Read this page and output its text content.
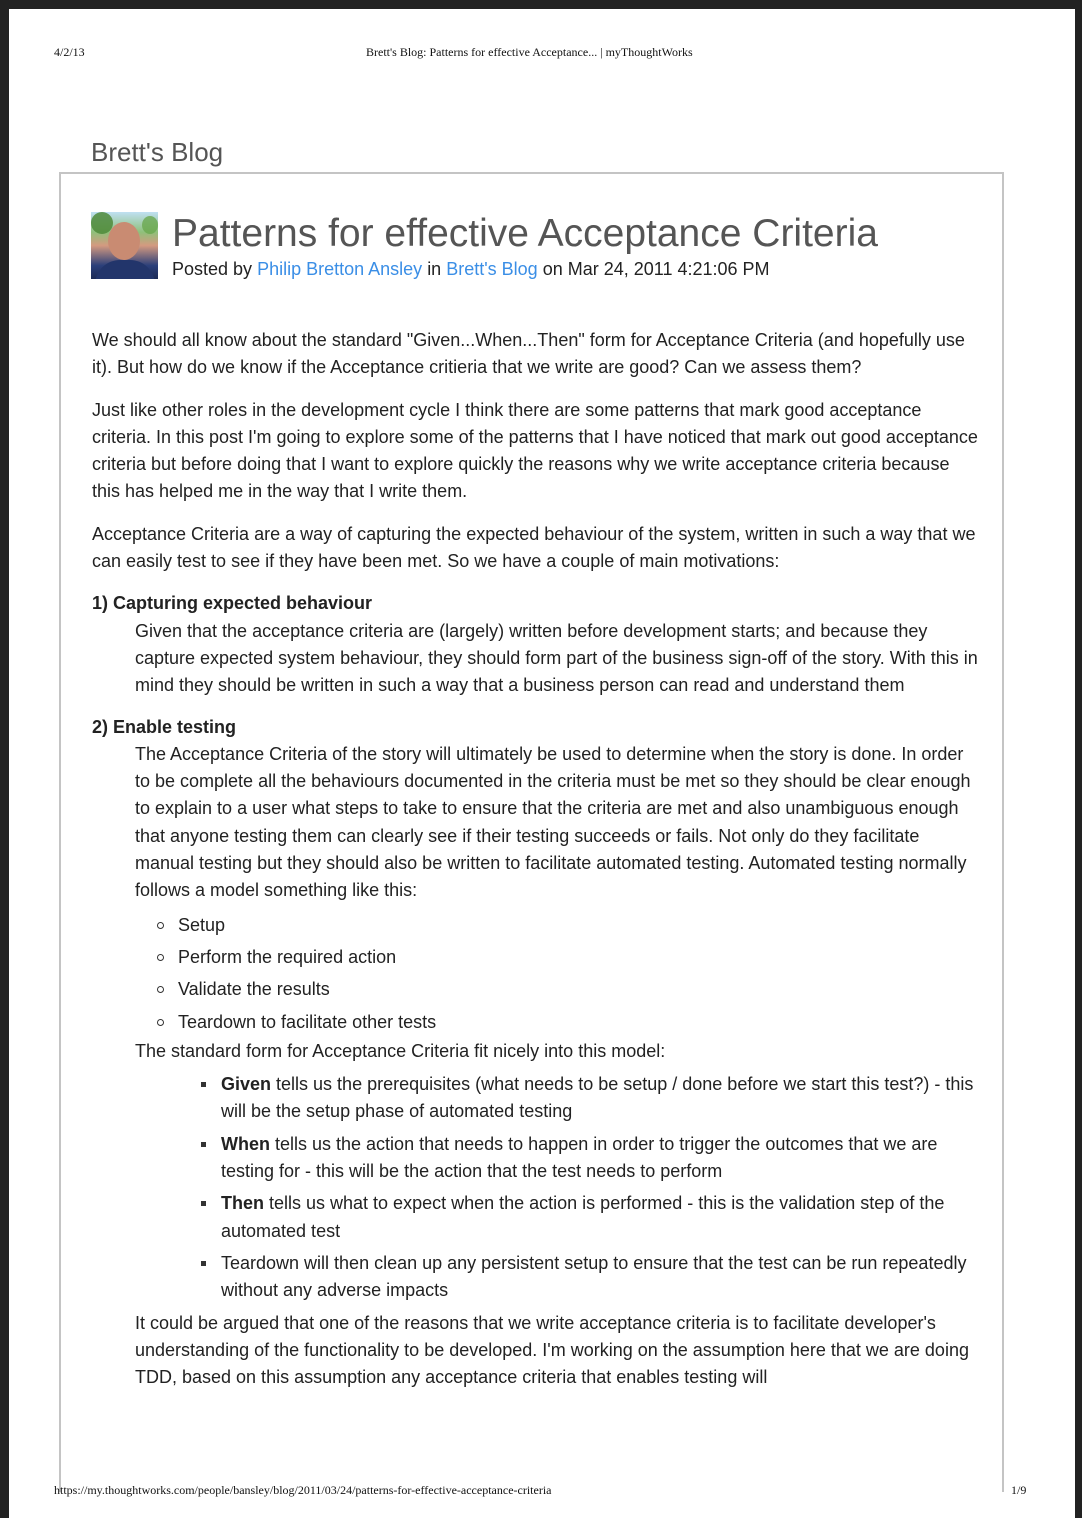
4/2/13	Brett's Blog: Patterns for effective Acceptance... | myThoughtWorks
Brett's Blog
Patterns for effective Acceptance Criteria
Posted by Philip Bretton Ansley in Brett's Blog on Mar 24, 2011 4:21:06 PM

We should all know about the standard "Given...When...Then" form for Acceptance Criteria (and hopefully use it). But how do we know if the Acceptance critieria that we write are good? Can we assess them?

Just like other roles in the development cycle I think there are some patterns that mark good acceptance criteria. In this post I'm going to explore some of the patterns that I have noticed that mark out good acceptance criteria but before doing that I want to explore quickly the reasons why we write acceptance criteria because this has helped me in the way that I write them.

Acceptance Criteria are a way of capturing the expected behaviour of the system, written in such a way that we can easily test to see if they have been met. So we have a couple of main motivations:

1) Capturing expected behaviour

Given that the acceptance criteria are (largely) written before development starts; and because they capture expected system behaviour, they should form part of the business sign-off of the story. With this in mind they should be written in such a way that a business person can read and understand them

2) Enable testing

The Acceptance Criteria of the story will ultimately be used to determine when the story is done. In order to be complete all the behaviours documented in the criteria must be met so they should be clear enough to explain to a user what steps to take to ensure that the criteria are met and also unambiguous enough that anyone testing them can clearly see if their testing succeeds or fails. Not only do they facilitate manual testing but they should also be written to facilitate automated testing. Automated testing normally follows a model something like this:

Setup
Perform the required action
Validate the results
Teardown to facilitate other tests

The standard form for Acceptance Criteria fit nicely into this model:

Given tells us the prerequisites (what needs to be setup / done before we start this test?) - this will be the setup phase of automated testing
When tells us the action that needs to happen in order to trigger the outcomes that we are testing for - this will be the action that the test needs to perform
Then tells us what to expect when the action is performed - this is the validation step of the automated test
Teardown will then clean up any persistent setup to ensure that the test can be run repeatedly without any adverse impacts

It could be argued that one of the reasons that we write acceptance criteria is to facilitate developer's understanding of the functionality to be developed. I'm working on the assumption here that we are doing TDD, based on this assumption any acceptance criteria that enables testing will

https://my.thoughtworks.com/people/bansley/blog/2011/03/24/patterns-for-effective-acceptance-criteria	1/9
